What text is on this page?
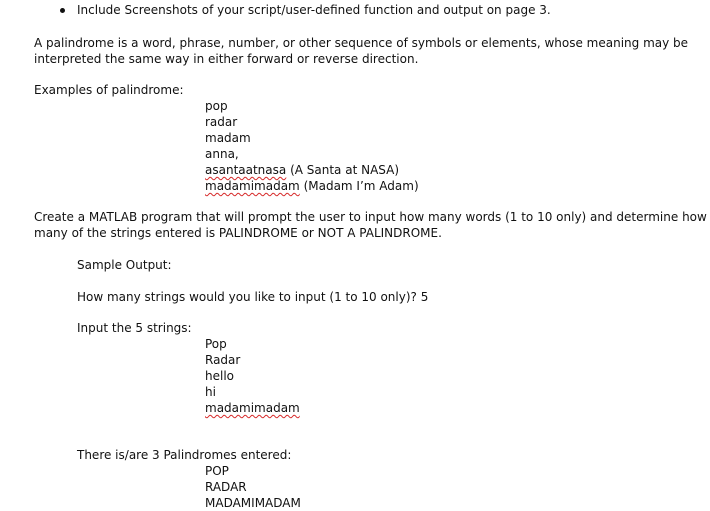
Include Screenshots of your script/user-defined function and output on page 3.
A palindrome is a word, phrase, number, or other sequence of symbols or elements, whose meaning may be
interpreted the same way in either forward or reverse direction.
Examples of palindrome:
pop
radar
madam
anna,
asantaatnasa (A Santa at NASA)
madamimadam (Madam I’m Adam)
Create a MATLAB program that will prompt the user to input how many words (1 to 10 only) and determine how
many of the strings entered is PALINDROME or NOT A PALINDROME.
Sample Output:
How many strings would you like to input (1 to 10 only)? 5
Input the 5 strings:
Pop
Radar
hello
hi
madamimadam
There is/are 3 Palindromes entered:
POP
RADAR
MADAMIMADAM
